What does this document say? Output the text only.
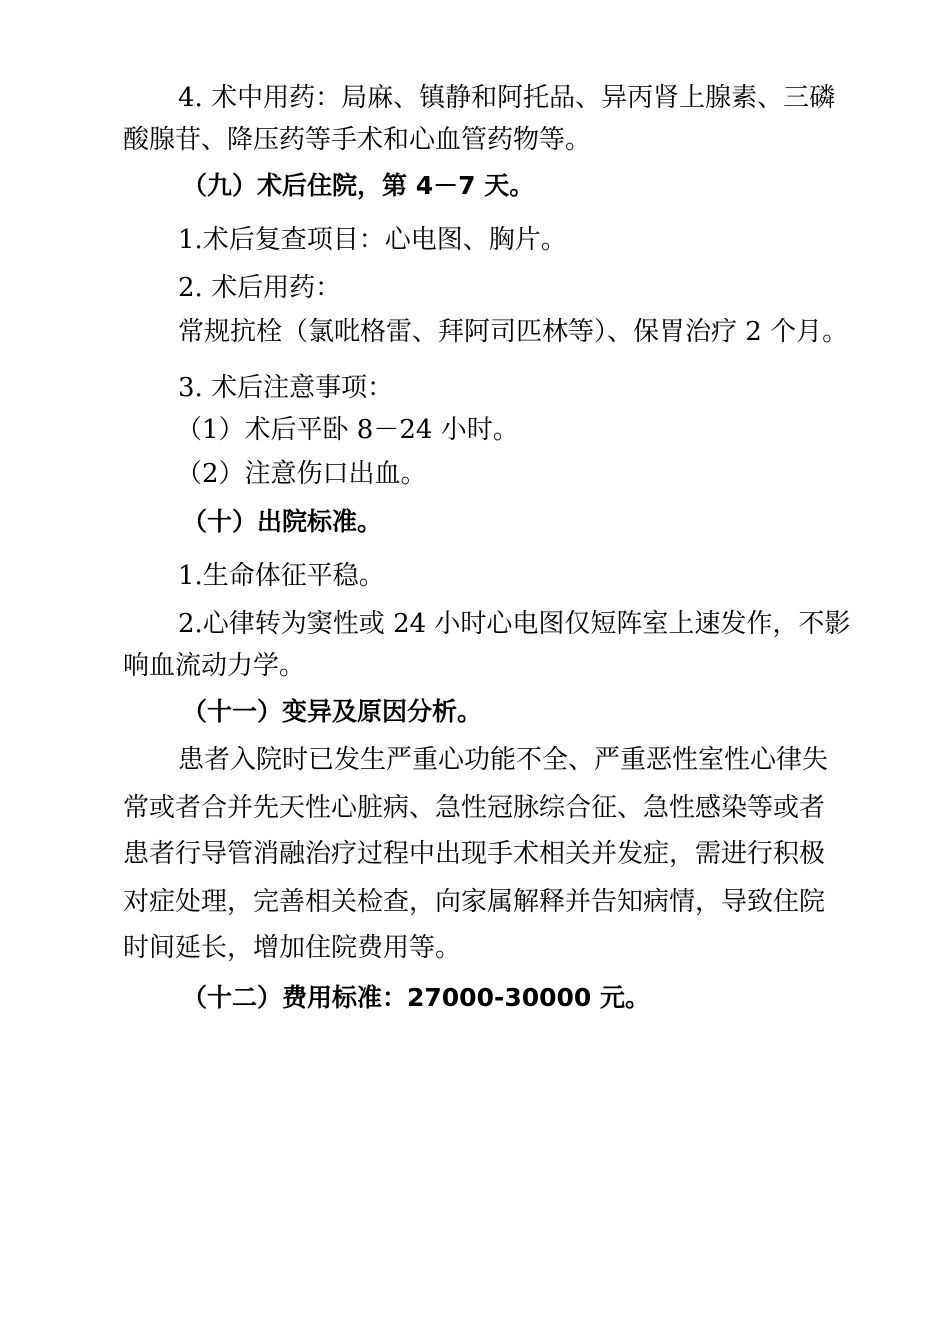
4. 术中用药：局麻、镇静和阿托品、异丙肾上腺素、三磷
酸腺苷、降压药等手术和心血管药物等。
（九）术后住院，第 4－7 天。
1.术后复查项目：心电图、胸片。
2. 术后用药：
常规抗栓（氯吡格雷、拜阿司匹林等）、保胃治疗 2 个月。
3. 术后注意事项：
（1）术后平卧 8－24 小时。
（2）注意伤口出血。
（十）出院标准。
1.生命体征平稳。
2.心律转为窦性或 24 小时心电图仅短阵室上速发作，不影
响血流动力学。
（十一）变异及原因分析。
患者入院时已发生严重心功能不全、严重恶性室性心律失
常或者合并先天性心脏病、急性冠脉综合征、急性感染等或者
患者行导管消融治疗过程中出现手术相关并发症，需进行积极
对症处理，完善相关检查，向家属解释并告知病情，导致住院
时间延长，增加住院费用等。
（十二）费用标准：27000-30000 元。
